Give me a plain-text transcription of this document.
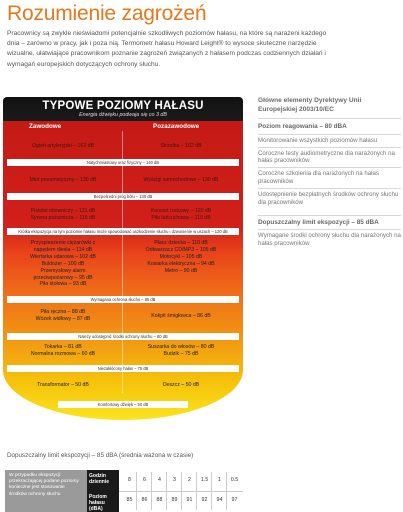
Rozumienie zagrożeń
Pracownicy są zwykle nieświadomi potencjalnie szkodliwych poziomów hałasu, na które są narażeni każdego dnia – zarówno w pracy, jak i poza nią. Termometr hałasu Howard Leight® to wysoce skuteczne narzędzie wizualne, ułatwiające pracownikom poznanie zagrożeń związanych z hałasem podczas codziennych działań i wymagań europejskich dotyczących ochrony słuchu.
TYPOWE POZIOMY HAŁASU
Energia dźwięku podwaja się co 3 dB
Zawodowe	Pozazawodowe
Natychmiastowy uraz fizyczny – 140 dB
Bezpośredni próg bólu – 130 dB
Krótka ekspozycja na tym poziomie hałasu może spowodować uszkodzenie słuchu i dzwonienie w uszach – 120 dB
Wymagana ochrona słuchu – 85 dB
Należy udostępnić środki ochrony słuchu – 80 dB
Niezakłócony hałas – 75 dB
Komfortowy dźwięk – 50 dB
Ogień artyleryjski – 162 dB
Młot pneumatyczny – 130 dB
Pistolet nitowniczy – 131 dB
Syrena pożarnicza – 116 dB
Przyspieszenie ciężarówki z
napędem diesla – 114 dB
Wiertarka udarowa – 102 dB
Buldożer – 100 dB
Przemysłowy alarm
przeciwpożarowy – 95 dB
Piła stołowa – 93 dB
Piła ręczna – 88 dB
Wózek widłowy – 87 dB
Tokarka – 81 dB
Normalna rozmowa – 60 dB
Transformator – 50 dB
Strzelba – 162 dB
Wyścigi samochodowe – 130 dB
Koncert rockowy – 120 dB
Piła łańcuchowa – 110 dB
Płacz dziecka – 110 dB
Odtwarzacz CD/MP3 – 105 dB
Motocykl – 105 dB
Kosiarka elektryczna – 94 dB
Metro – 90 dB
Kokpit śmigłowca – 86 dB
Suszarka do włosów – 80 dB
Budzik – 75 dB
Deszcz – 50 dB
Główne elementy Dyrektywy Unii Europejskiej 2003/10/EC
Poziom reagowania – 80 dBA
Monitorowanie wszystkich poziomów hałasu
Coroczne testy audiometryczne dla narażonych na hałas pracowników
Coroczne szkolenia dla narażonych na hałas pracowników
Udostępnienie bezpłatnych środków ochrony słuchu dla pracowników
Dopuszczalny limit ekspozycji – 85 dBA
Wymagane środki ochrony słuchu dla narażonych na hałas pracowników
Dopuszczalny limit ekspozycji – 85 dBA (średnia ważona w czasie)
W przypadku ekspozycji przekraczającej podane poziomy konieczne jest stosowanie środków ochrony słuchu
Godzin dziennie
Poziom hałasu (dBA)
8	6	4	3	2	1.5	1	0.5
85	86	88	89	91	92	94	97
